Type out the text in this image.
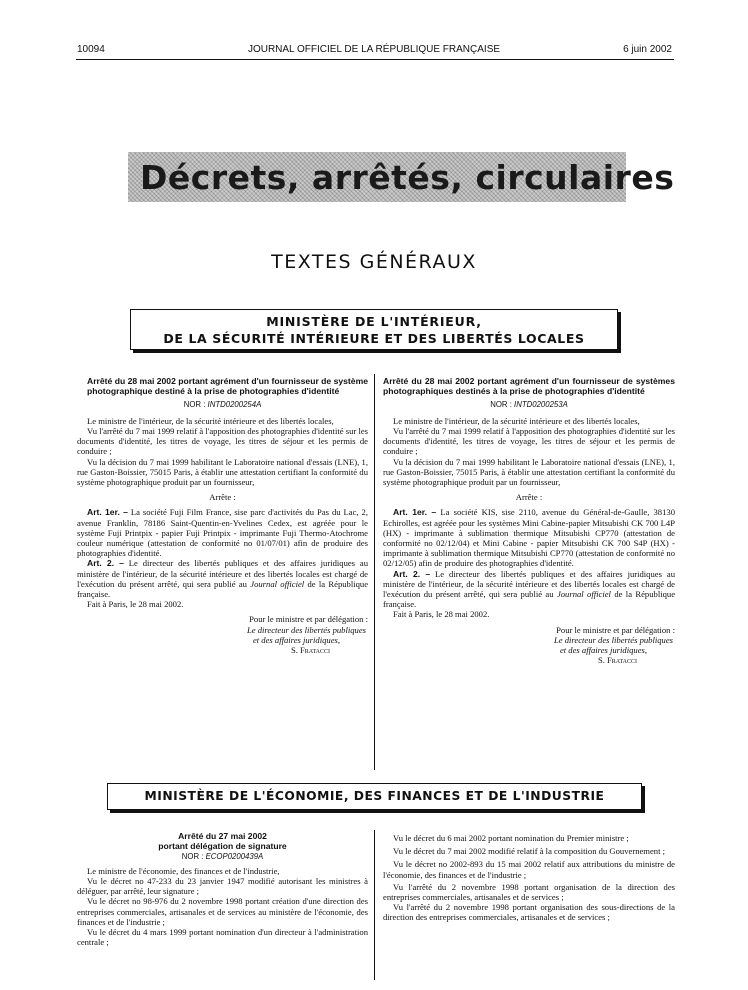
10094	JOURNAL OFFICIEL DE LA RÉPUBLIQUE FRANÇAISE	6 juin 2002
Décrets, arrêtés, circulaires
TEXTES GÉNÉRAUX
MINISTÈRE DE L'INTÉRIEUR,
DE LA SÉCURITÉ INTÉRIEURE ET DES LIBERTÉS LOCALES

Arrêté du 28 mai 2002 portant agrément d'un fournisseur de système photographique destiné à la prise de photographies d'identité

NOR : INTD0200254A

Le ministre de l'intérieur, de la sécurité intérieure et des libertés locales,

Vu l'arrêté du 7 mai 1999 relatif à l'apposition des photographies d'identité sur les documents d'identité, les titres de voyage, les titres de séjour et les permis de conduire ;

Vu la décision du 7 mai 1999 habilitant le Laboratoire national d'essais (LNE), 1, rue Gaston-Boissier, 75015 Paris, à établir une attestation certifiant la conformité du système photographique produit par un fournisseur,

Arrête :

Art. 1er. – La société Fuji Film France, sise parc d'activités du Pas du Lac, 2, avenue Franklin, 78186 Saint-Quentin-en-Yvelines Cedex, est agréée pour le système Fuji Printpix - papier Fuji Printpix - imprimante Fuji Thermo-Atochrome couleur numérique (attestation de conformité no 01/07/01) afin de produire des photographies d'identité.

Art. 2. – Le directeur des libertés publiques et des affaires juridiques au ministère de l'intérieur, de la sécurité intérieure et des libertés locales est chargé de l'exécution du présent arrêté, qui sera publié au Journal officiel de la République française.

Fait à Paris, le 28 mai 2002.

Pour le ministre et par délégation :

Le directeur des libertés publiques

et des affaires juridiques,

S. Fratacci

Arrêté du 28 mai 2002 portant agrément d'un fournisseur de systèmes photographiques destinés à la prise de photographies d'identité

NOR : INTD0200253A

Le ministre de l'intérieur, de la sécurité intérieure et des libertés locales,

Vu l'arrêté du 7 mai 1999 relatif à l'apposition des photographies d'identité sur les documents d'identité, les titres de voyage, les titres de séjour et les permis de conduire ;

Vu la décision du 7 mai 1999 habilitant le Laboratoire national d'essais (LNE), 1, rue Gaston-Boissier, 75015 Paris, à établir une attestation certifiant la conformité du système photographique produit par un fournisseur,

Arrête :

Art. 1er. – La société KIS, sise 2110, avenue du Général-de-Gaulle, 38130 Echirolles, est agréée pour les systèmes Mini Cabine-papier Mitsubishi CK 700 L4P (HX) - imprimante à sublimation thermique Mitsubishi CP770 (attestation de conformité no 02/12/04) et Mini Cabine - papier Mitsubishi CK 700 S4P (HX) - imprimante à sublimation thermique Mitsubishi CP770 (attestation de conformité no 02/12/05) afin de produire des photographies d'identité.

Art. 2. – Le directeur des libertés publiques et des affaires juridiques au ministère de l'intérieur, de la sécurité intérieure et des libertés locales est chargé de l'exécution du présent arrêté, qui sera publié au Journal officiel de la République française.

Fait à Paris, le 28 mai 2002.

Pour le ministre et par délégation :

Le directeur des libertés publiques

et des affaires juridiques,

S. Fratacci

MINISTÈRE DE L'ÉCONOMIE, DES FINANCES ET DE L'INDUSTRIE

Arrêté du 27 mai 2002

portant délégation de signature

NOR : ECOP0200439A

Le ministre de l'économie, des finances et de l'industrie,

Vu le décret no 47-233 du 23 janvier 1947 modifié autorisant les ministres à déléguer, par arrêté, leur signature ;

Vu le décret no 98-976 du 2 novembre 1998 portant création d'une direction des entreprises commerciales, artisanales et de services au ministère de l'économie, des finances et de l'industrie ;

Vu le décret du 4 mars 1999 portant nomination d'un directeur à l'administration centrale ;

Vu le décret du 6 mai 2002 portant nomination du Premier ministre ;

Vu le décret du 7 mai 2002 modifié relatif à la composition du Gouvernement ;

Vu le décret no 2002-893 du 15 mai 2002 relatif aux attributions du ministre de l'économie, des finances et de l'industrie ;

Vu l'arrêté du 2 novembre 1998 portant organisation de la direction des entreprises commerciales, artisanales et de services ;

Vu l'arrêté du 2 novembre 1998 portant organisation des sous-directions de la direction des entreprises commerciales, artisanales et de services ;
